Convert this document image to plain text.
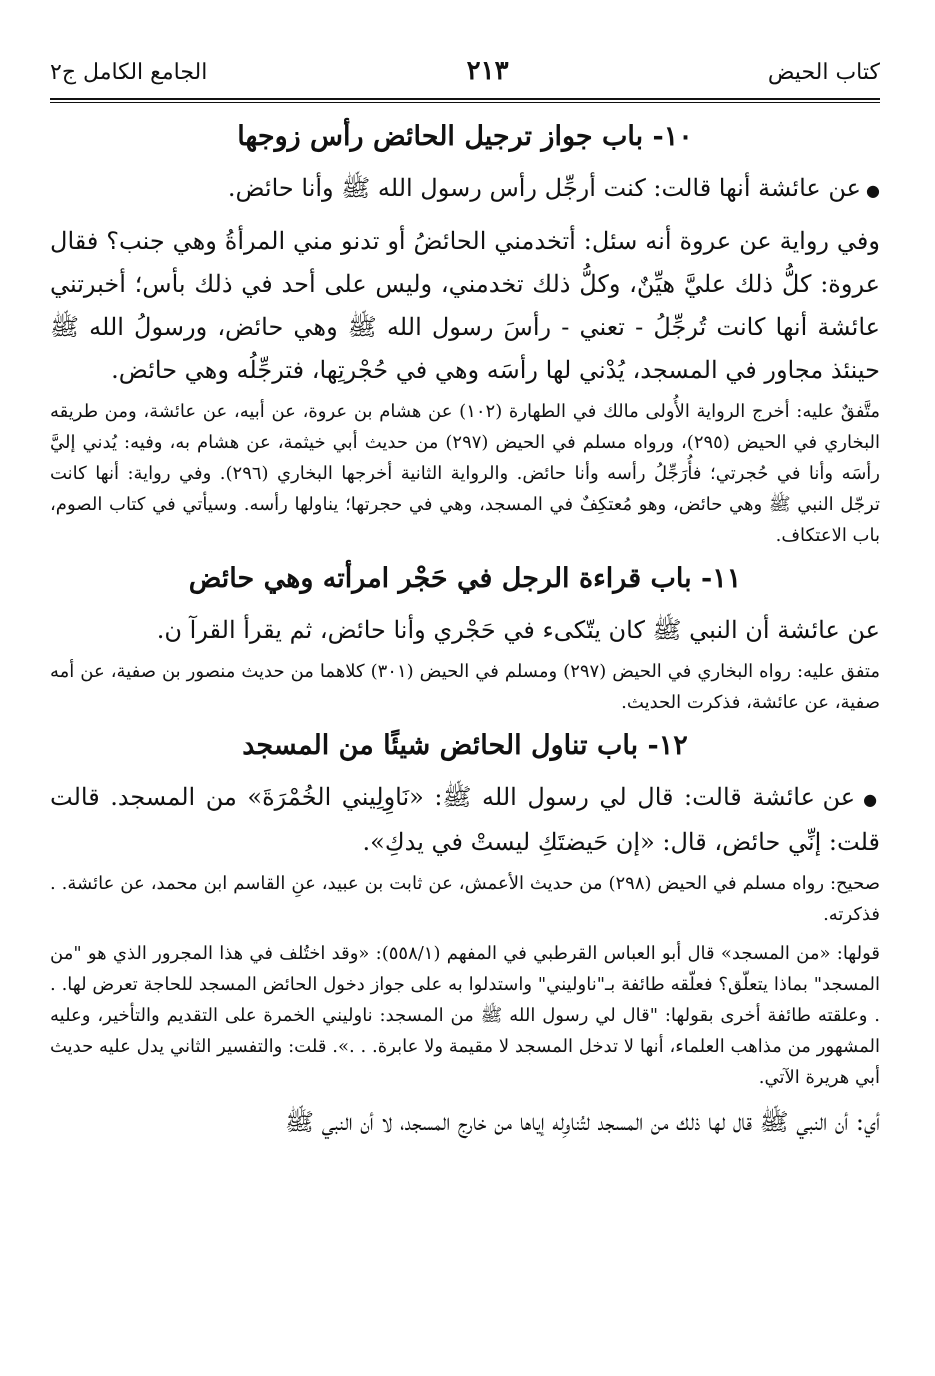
كتاب الحيض
٢١٣
الجامع الكامل ج٢
١٠- باب جواز ترجيل الحائض رأس زوجها

● عن عائشة أنها قالت: كنت أرجِّل رأس رسول الله ﷺ وأنا حائض.

وفي رواية عن عروة أنه سئل: أتخدمني الحائضُ أو تدنو مني المرأةُ وهي جنب؟ فقال عروة: كلُّ ذلك عليَّ هيِّنٌ، وكلُّ ذلك تخدمني، وليس على أحد في ذلك بأس؛ أخبرتني عائشة أنها كانت تُرجِّلُ - تعني - رأسَ رسول الله ﷺ وهي حائض، ورسولُ الله ﷺ حينئذ مجاور في المسجد، يُدْني لها رأسَه وهي في حُجْرتِها، فترجِّلُه وهي حائض.

متَّفقٌ عليه: أخرج الرواية الأُولى مالك في الطهارة (١٠٢) عن هشام بن عروة، عن أبيه، عن عائشة، ومن طريقه البخاري في الحيض (٢٩٥)، ورواه مسلم في الحيض (٢٩٧) من حديث أبي خيثمة، عن هشام به، وفيه: يُدني إليَّ رأسَه وأنا في حُجرتي؛ فأُرَجِّلُ رأسه وأنا حائض. والرواية الثانية أخرجها البخاري (٢٩٦). وفي رواية: أنها كانت ترجّل النبي ﷺ وهي حائض، وهو مُعتكِفٌ في المسجد، وهي في حجرتها؛ يناولها رأسه. وسيأتي في كتاب الصوم، باب الاعتكاف.

١١- باب قراءة الرجل في حَجْر امرأته وهي حائض

عن عائشة أن النبي ﷺ كان يتّكىء في حَجْري وأنا حائض، ثم يقرأ القرآ ن.

متفق عليه: رواه البخاري في الحيض (٢٩٧) ومسلم في الحيض (٣٠١) كلاهما من حديث منصور بن صفية، عن أمه صفية، عن عائشة، فذكرت الحديث.

١٢- باب تناول الحائض شيئًا من المسجد

● عن عائشة قالت: قال لي رسول الله ﷺ: «نَاوِلِيني الخُمْرَةَ» من المسجد. قالت قلت: إنِّي حائض، قال: «إن حَيضتَكِ ليستْ في يدكِ».

صحيح: رواه مسلم في الحيض (٢٩٨) من حديث الأعمش، عن ثابت بن عبيد، عنِ القاسم ابن محمد، عن عائشة. . فذكرته.

قولها: «من المسجد» قال أبو العباس القرطبي في المفهم (٥٥٨/١): «وقد اختُلف في هذا المجرور الذي هو "من المسجد" بماذا يتعلّق؟ فعلّقه طائفة بـ"ناوليني" واستدلوا به على جواز دخول الحائض المسجد للحاجة تعرض لها. . . وعلقته طائفة أخرى بقولها: "قال لي رسول الله ﷺ من المسجد: ناوليني الخمرة على التقديم والتأخير، وعليه المشهور من مذاهب العلماء، أنها لا تدخل المسجد لا مقيمة ولا عابرة. . .». قلت: والتفسير الثاني يدل عليه حديث أبي هريرة الآتي.

أي: أن النبي ﷺ قال لها ذلك من المسجد لتُناوِله إياها من خارج المسجد، لا أن النبي ﷺ
